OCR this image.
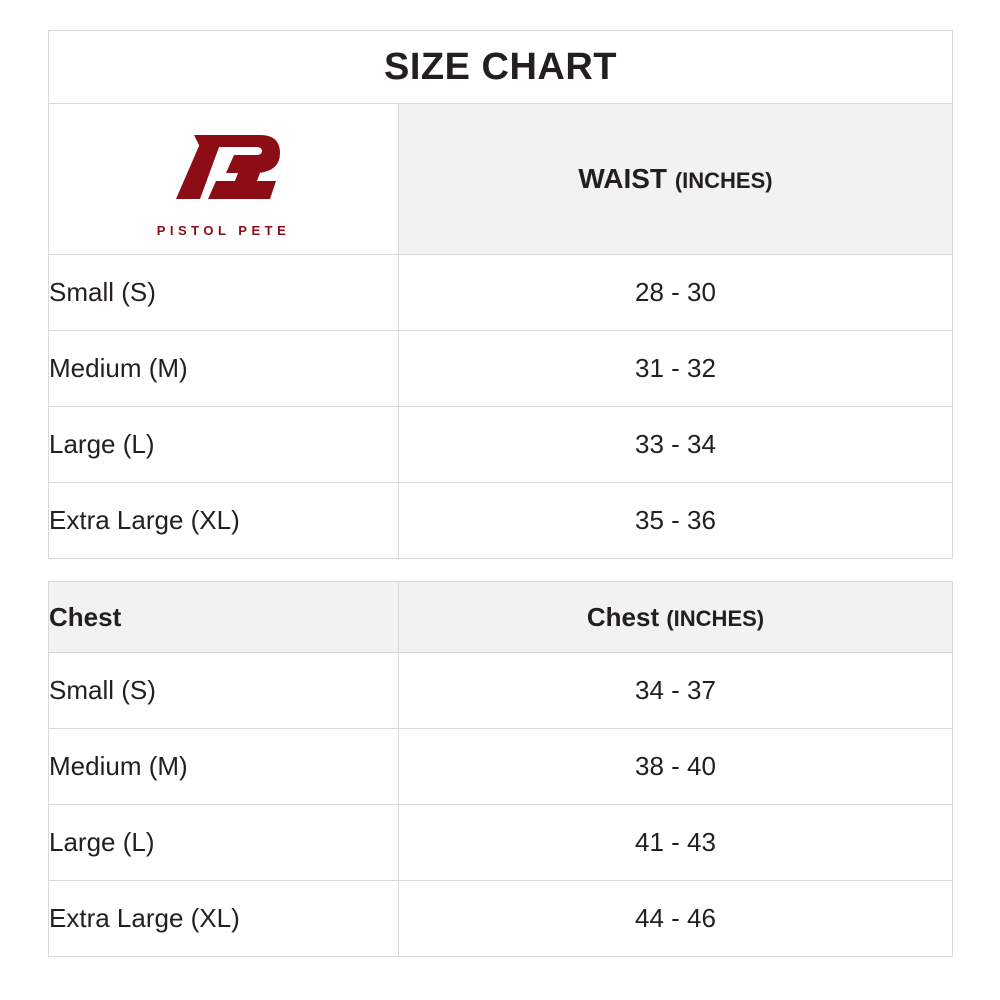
SIZE CHART	

PISTOL PETE	WAIST (INCHES)
Small (S)	28 - 30
Medium (M)	31 - 32
Large (L)	33 - 34
Extra Large (XL)	35 - 36
Chest	Chest (INCHES)
Small (S)	34 - 37
Medium (M)	38 - 40
Large (L)	41 - 43
Extra Large (XL)	44 - 46
